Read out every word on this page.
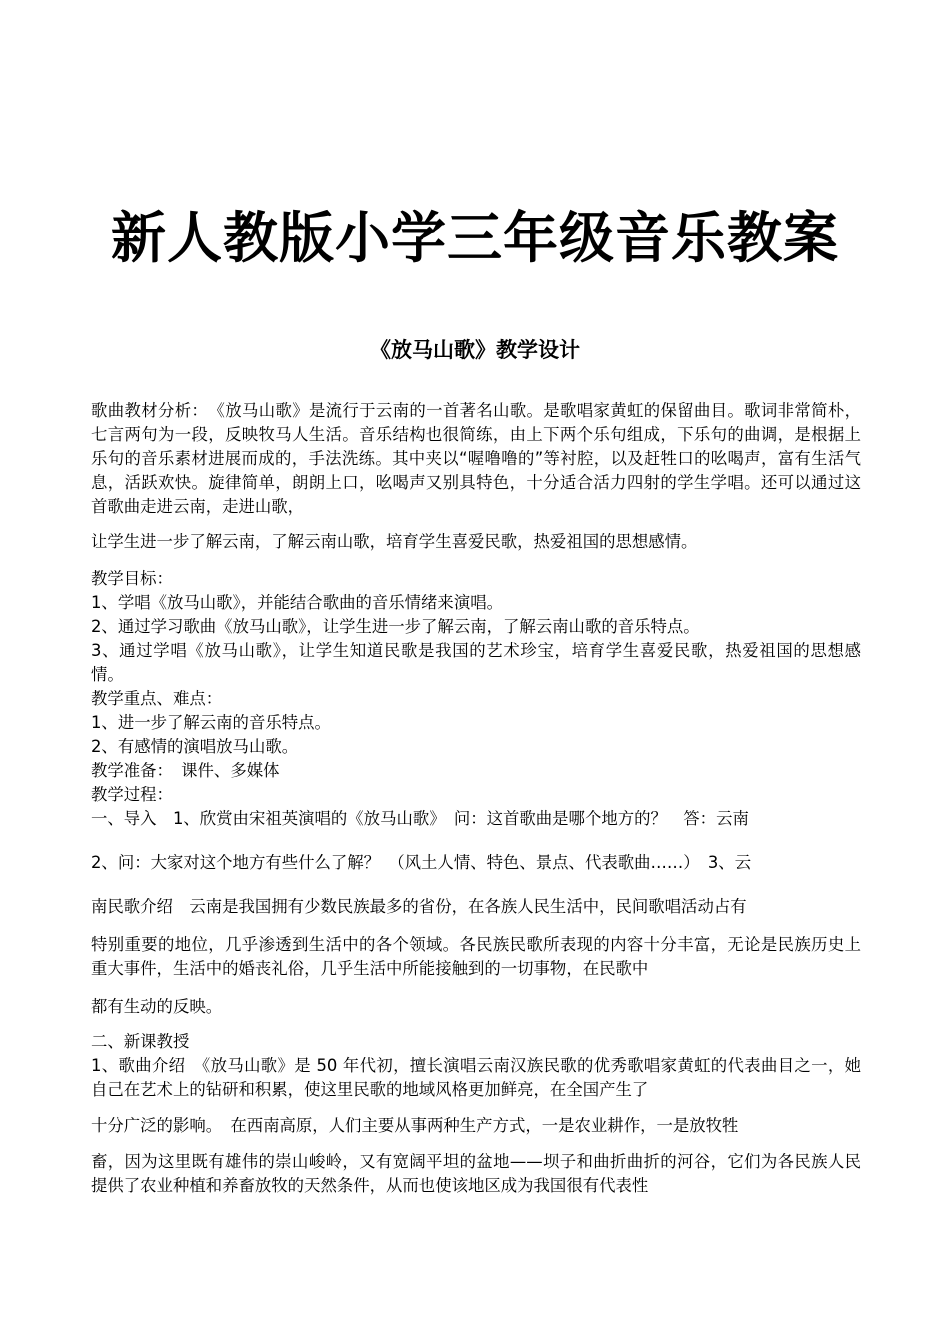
新人教版小学三年级音乐教案
《放马山歌》教学设计

歌曲教材分析：　《放马山歌》是流行于云南的一首著名山歌。是歌唱家黄虹的保留曲目。歌词非常简朴，七言两句为一段，反映牧马人生活。音乐结构也很简练，由上下两个乐句组成，下乐句的曲调，是根据上乐句的音乐素材进展而成的，手法洗练。其中夹以“喔噜噜的”等衬腔，以及赶牲口的吆喝声，富有生活气息，活跃欢快。旋律简单，朗朗上口，吆喝声又别具特色，十分适合活力四射的学生学唱。还可以通过这首歌曲走进云南，走进山歌，

让学生进一步了解云南，了解云南山歌，培育学生喜爱民歌，热爱祖国的思想感情。

教学目标：

1、学唱《放马山歌》，并能结合歌曲的音乐情绪来演唱。

2、通过学习歌曲《放马山歌》，让学生进一步了解云南，了解云南山歌的音乐特点。

3、通过学唱《放马山歌》，让学生知道民歌是我国的艺术珍宝，培育学生喜爱民歌，热爱祖国的思想感情。

教学重点、难点：

1、进一步了解云南的音乐特点。

2、有感情的演唱放马山歌。

教学准备：　课件、多媒体

教学过程：

一、导入　1、欣赏由宋祖英演唱的《放马山歌》　问：这首歌曲是哪个地方的？　答：云南

2、问：大家对这个地方有些什么了解？　（风土人情、特色、景点、代表歌曲……）　3、云

南民歌介绍　云南是我国拥有少数民族最多的省份，在各族人民生活中，民间歌唱活动占有

特别重要的地位，几乎渗透到生活中的各个领域。各民族民歌所表现的内容十分丰富，无论是民族历史上重大事件，生活中的婚丧礼俗，几乎生活中所能接触到的一切事物，在民歌中

都有生动的反映。

二、新课教授

1、歌曲介绍　《放马山歌》是 50 年代初，擅长演唱云南汉族民歌的优秀歌唱家黄虹的代表曲目之一，她自己在艺术上的钻研和积累，使这里民歌的地域风格更加鲜亮，在全国产生了

十分广泛的影响。　在西南高原，人们主要从事两种生产方式，一是农业耕作，一是放牧牲

畜，因为这里既有雄伟的崇山峻岭，又有宽阔平坦的盆地——坝子和曲折曲折的河谷，它们为各民族人民提供了农业种植和养畜放牧的天然条件，从而也使该地区成为我国很有代表性
